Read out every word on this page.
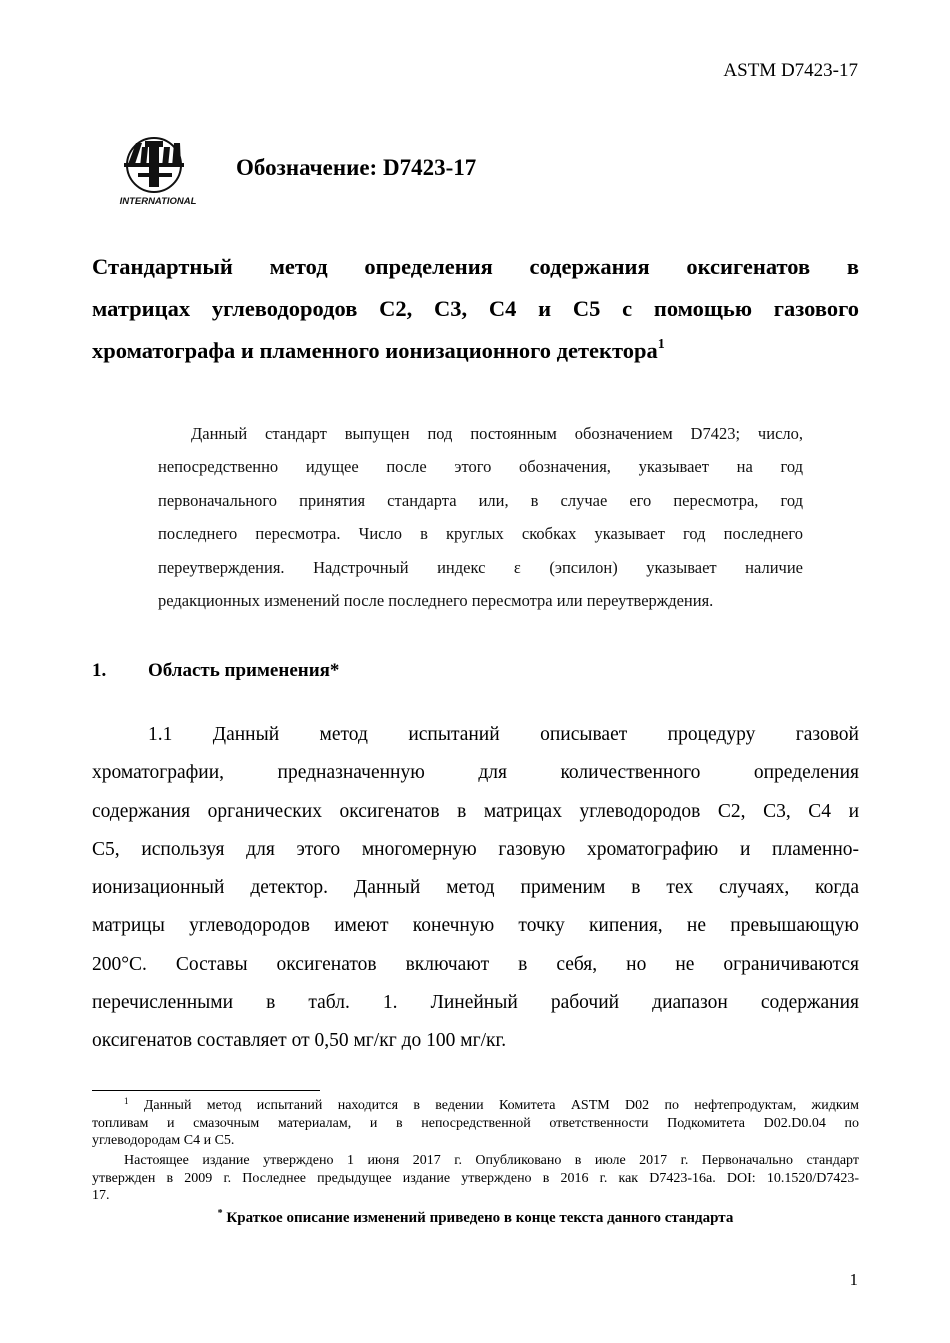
ASTM D7423-17
INTERNATIONAL
Обозначение: D7423-17
Стандартный метод определения содержания оксигенатов в
матрицах углеводородов С2, С3, С4 и С5 с помощью газового
хроматографа и пламенного ионизационного детектора$^1$
Данный стандарт выпущен под постоянным обозначением D7423; число,
непосредственно идущее после этого обозначения, указывает на год
первоначального принятия стандарта или, в случае его пересмотра, год
последнего пересмотра. Число в круглых скобках указывает год последнего
переутверждения. Надстрочный индекс ε (эпсилон) указывает наличие
редакционных изменений после последнего пересмотра или переутверждения.
1. Область применения*
1.1 Данный метод испытаний описывает процедуру газовой
хроматографии, предназначенную для количественного определения
содержания органических оксигенатов в матрицах углеводородов С2, С3, С4 и
С5, используя для этого многомерную газовую хроматографию и пламенно-
ионизационный детектор. Данный метод применим в тех случаях, когда
матрицы углеводородов имеют конечную точку кипения, не превышающую
200°C. Составы оксигенатов включают в себя, но не ограничиваются
перечисленными в табл. 1. Линейный рабочий диапазон содержания
оксигенатов составляет от 0,50 мг/кг до 100 мг/кг.
$^1$ Данный метод испытаний находится в ведении Комитета ASTM D02 по нефтепродуктам, жидким
топливам и смазочным материалам, и в непосредственной ответственности Подкомитета D02.D0.04 по
углеводородам C4 и C5.
Настоящее издание утверждено 1 июня 2017 г. Опубликовано в июле 2017 г. Первоначально стандарт
утвержден в 2009 г. Последнее предыдущее издание утверждено в 2016 г. как D7423-16a. DOI: 10.1520/D7423-
17.
* Краткое описание изменений приведено в конце текста данного стандарта
1
